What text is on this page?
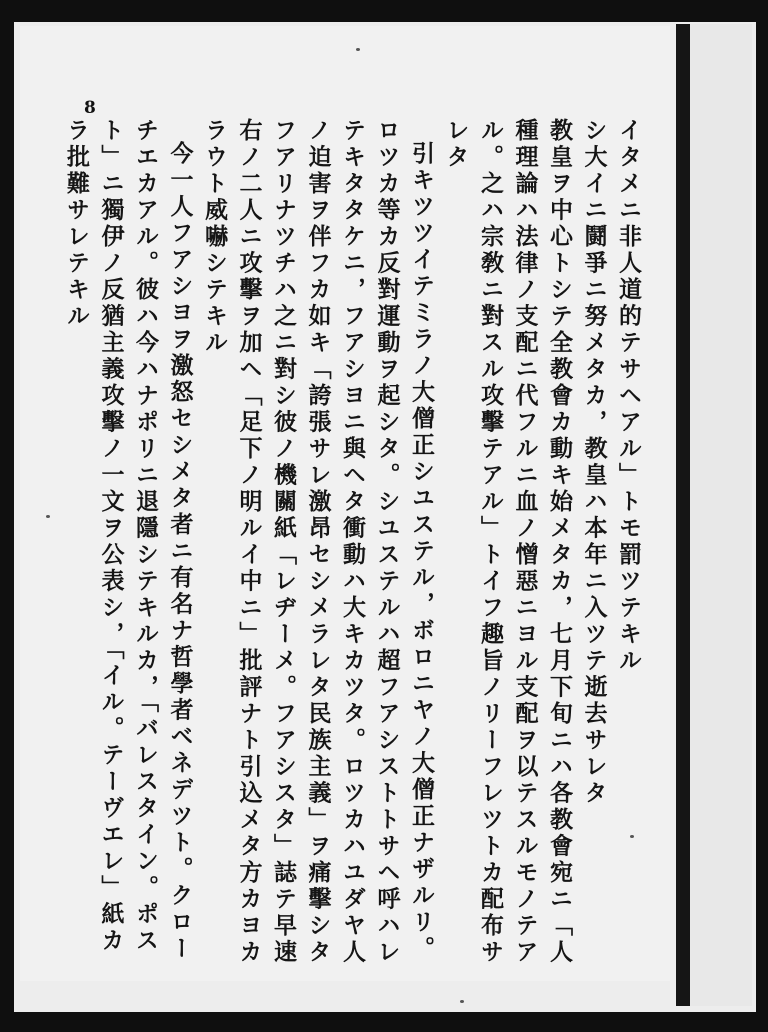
8
イタメニ非人道的テサヘアル」トモ罰ツテキル
シ大イニ鬪爭ニ努メタカ，教皇ハ本年ニ入ツテ逝去サレタ
教皇ヲ中心トシテ全教會カ動キ始メタカ，七月下旬ニハ各教會宛ニ「人
種理論ハ法律ノ支配ニ代フルニ血ノ憎惡ニヨル支配ヲ以テスルモノテア
ル。之ハ宗敎ニ對スル攻擊テアル」トイフ趣旨ノリーフレツトカ配布サ
レタ
引キツツイテミラノ大僧正シユステル，ボロニヤノ大僧正ナザルリ。
ロツカ等カ反對運動ヲ起シタ。シユステルハ超フアシストトサヘ呼ハレ
テキタタケニ，フアシヨニ與ヘタ衝動ハ大キカツタ。ロツカハユダヤ人
ノ迫害ヲ伴フカ如キ「誇張サレ激昂セシメラレタ民族主義」ヲ痛擊シタ
フアリナツチハ之ニ對シ彼ノ機關紙「レヂーメ。フアシスタ」誌テ早速
右ノ二人ニ攻擊ヲ加ヘ「足下ノ明ルイ中ニ」批評ナト引込メタ方カヨカ
ラウト威嚇シテキル
今一人フアシヨヲ激怒セシメタ者ニ有名ナ哲學者ベネデツト。クロー
チエカアル。彼ハ今ハナポリニ退隱シテキルカ，「バレスタイン。ポス
ト」ニ獨伊ノ反猶主義攻擊ノ一文ヲ公表シ，「イル。テーヴエレ」紙カ
ラ批難サレテキル
